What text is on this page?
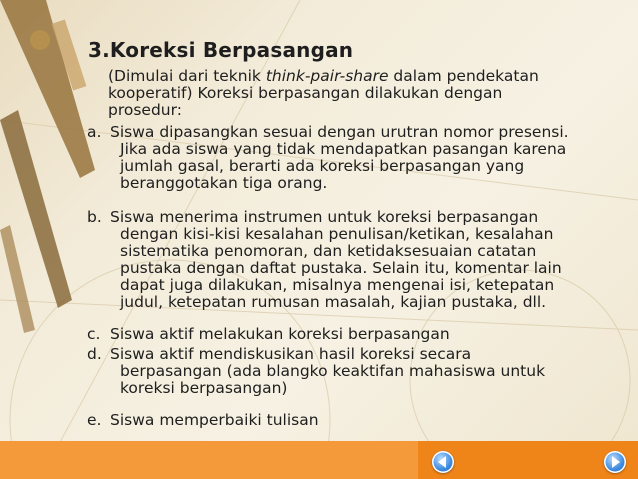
3.Koreksi Berpasangan
(Dimulai dari teknik think-pair-share dalam pendekatan
kooperatif) Koreksi berpasangan dilakukan dengan
prosedur:
a. Siswa dipasangkan sesuai dengan urutran nomor presensi.
Jika ada siswa yang tidak mendapatkan pasangan karena
jumlah gasal, berarti ada koreksi berpasangan yang
beranggotakan tiga orang.
b. Siswa menerima instrumen untuk koreksi berpasangan
dengan kisi-kisi kesalahan penulisan/ketikan, kesalahan
sistematika penomoran, dan ketidaksesuaian catatan
pustaka dengan daftat pustaka. Selain itu, komentar lain
dapat juga dilakukan, misalnya mengenai isi, ketepatan
judul, ketepatan rumusan masalah, kajian pustaka, dll.
c. Siswa aktif melakukan koreksi berpasangan
d. Siswa aktif mendiskusikan hasil koreksi secara
berpasangan (ada blangko keaktifan mahasiswa untuk
koreksi berpasangan)
e. Siswa memperbaiki tulisan
